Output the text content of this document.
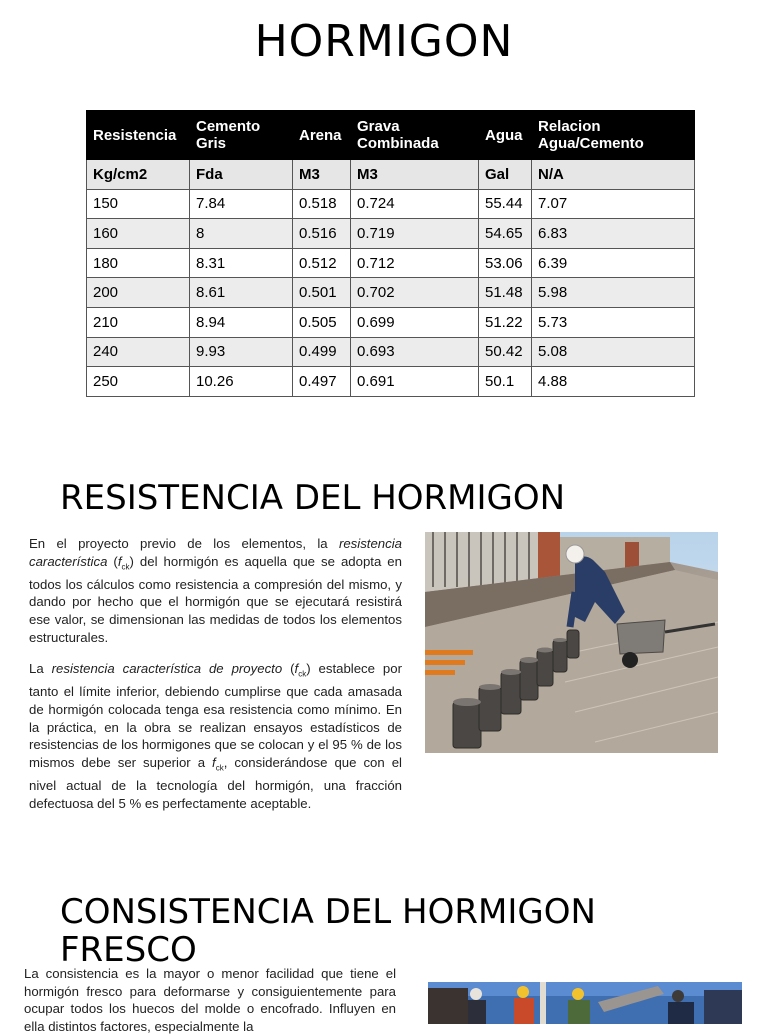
HORMIGON
Resistencia	Cemento Gris	Arena	Grava Combinada	Agua	Relacion Agua/Cemento
Kg/cm2	Fda	M3	M3	Gal	N/A
150	7.84	0.518	0.724	55.44	7.07
160	8	0.516	0.719	54.65	6.83
180	8.31	0.512	0.712	53.06	6.39
200	8.61	0.501	0.702	51.48	5.98
210	8.94	0.505	0.699	51.22	5.73
240	9.93	0.499	0.693	50.42	5.08
250	10.26	0.497	0.691	50.1	4.88
RESISTENCIA DEL HORMIGON

En el proyecto previo de los elementos, la resistencia característica $(f_{ck})$ del hormigón es aquella que se adopta en todos los cálculos como resistencia a compresión del mismo, y dando por hecho que el hormigón que se ejecutará resistirá ese valor, se dimensionan las medidas de todos los elementos estructurales.

La resistencia característica de proyecto $(f_{ck})$ establece por tanto el límite inferior, debiendo cumplirse que cada amasada de hormigón colocada tenga esa resistencia como mínimo. En la práctica, en la obra se realizan ensayos estadísticos de resistencias de los hormigones que se colocan y el 95 % de los mismos debe ser superior a $f_{ck}$, considerándose que con el nivel actual de la tecnología del hormigón, una fracción defectuosa del 5 % es perfectamente aceptable.

CONSISTENCIA DEL HORMIGON
FRESCO

La consistencia es la mayor o menor facilidad que tiene el hormigón fresco para deformarse y consiguientemente para ocupar todos los huecos del molde o encofrado. Influyen en ella distintos factores, especialmente la
